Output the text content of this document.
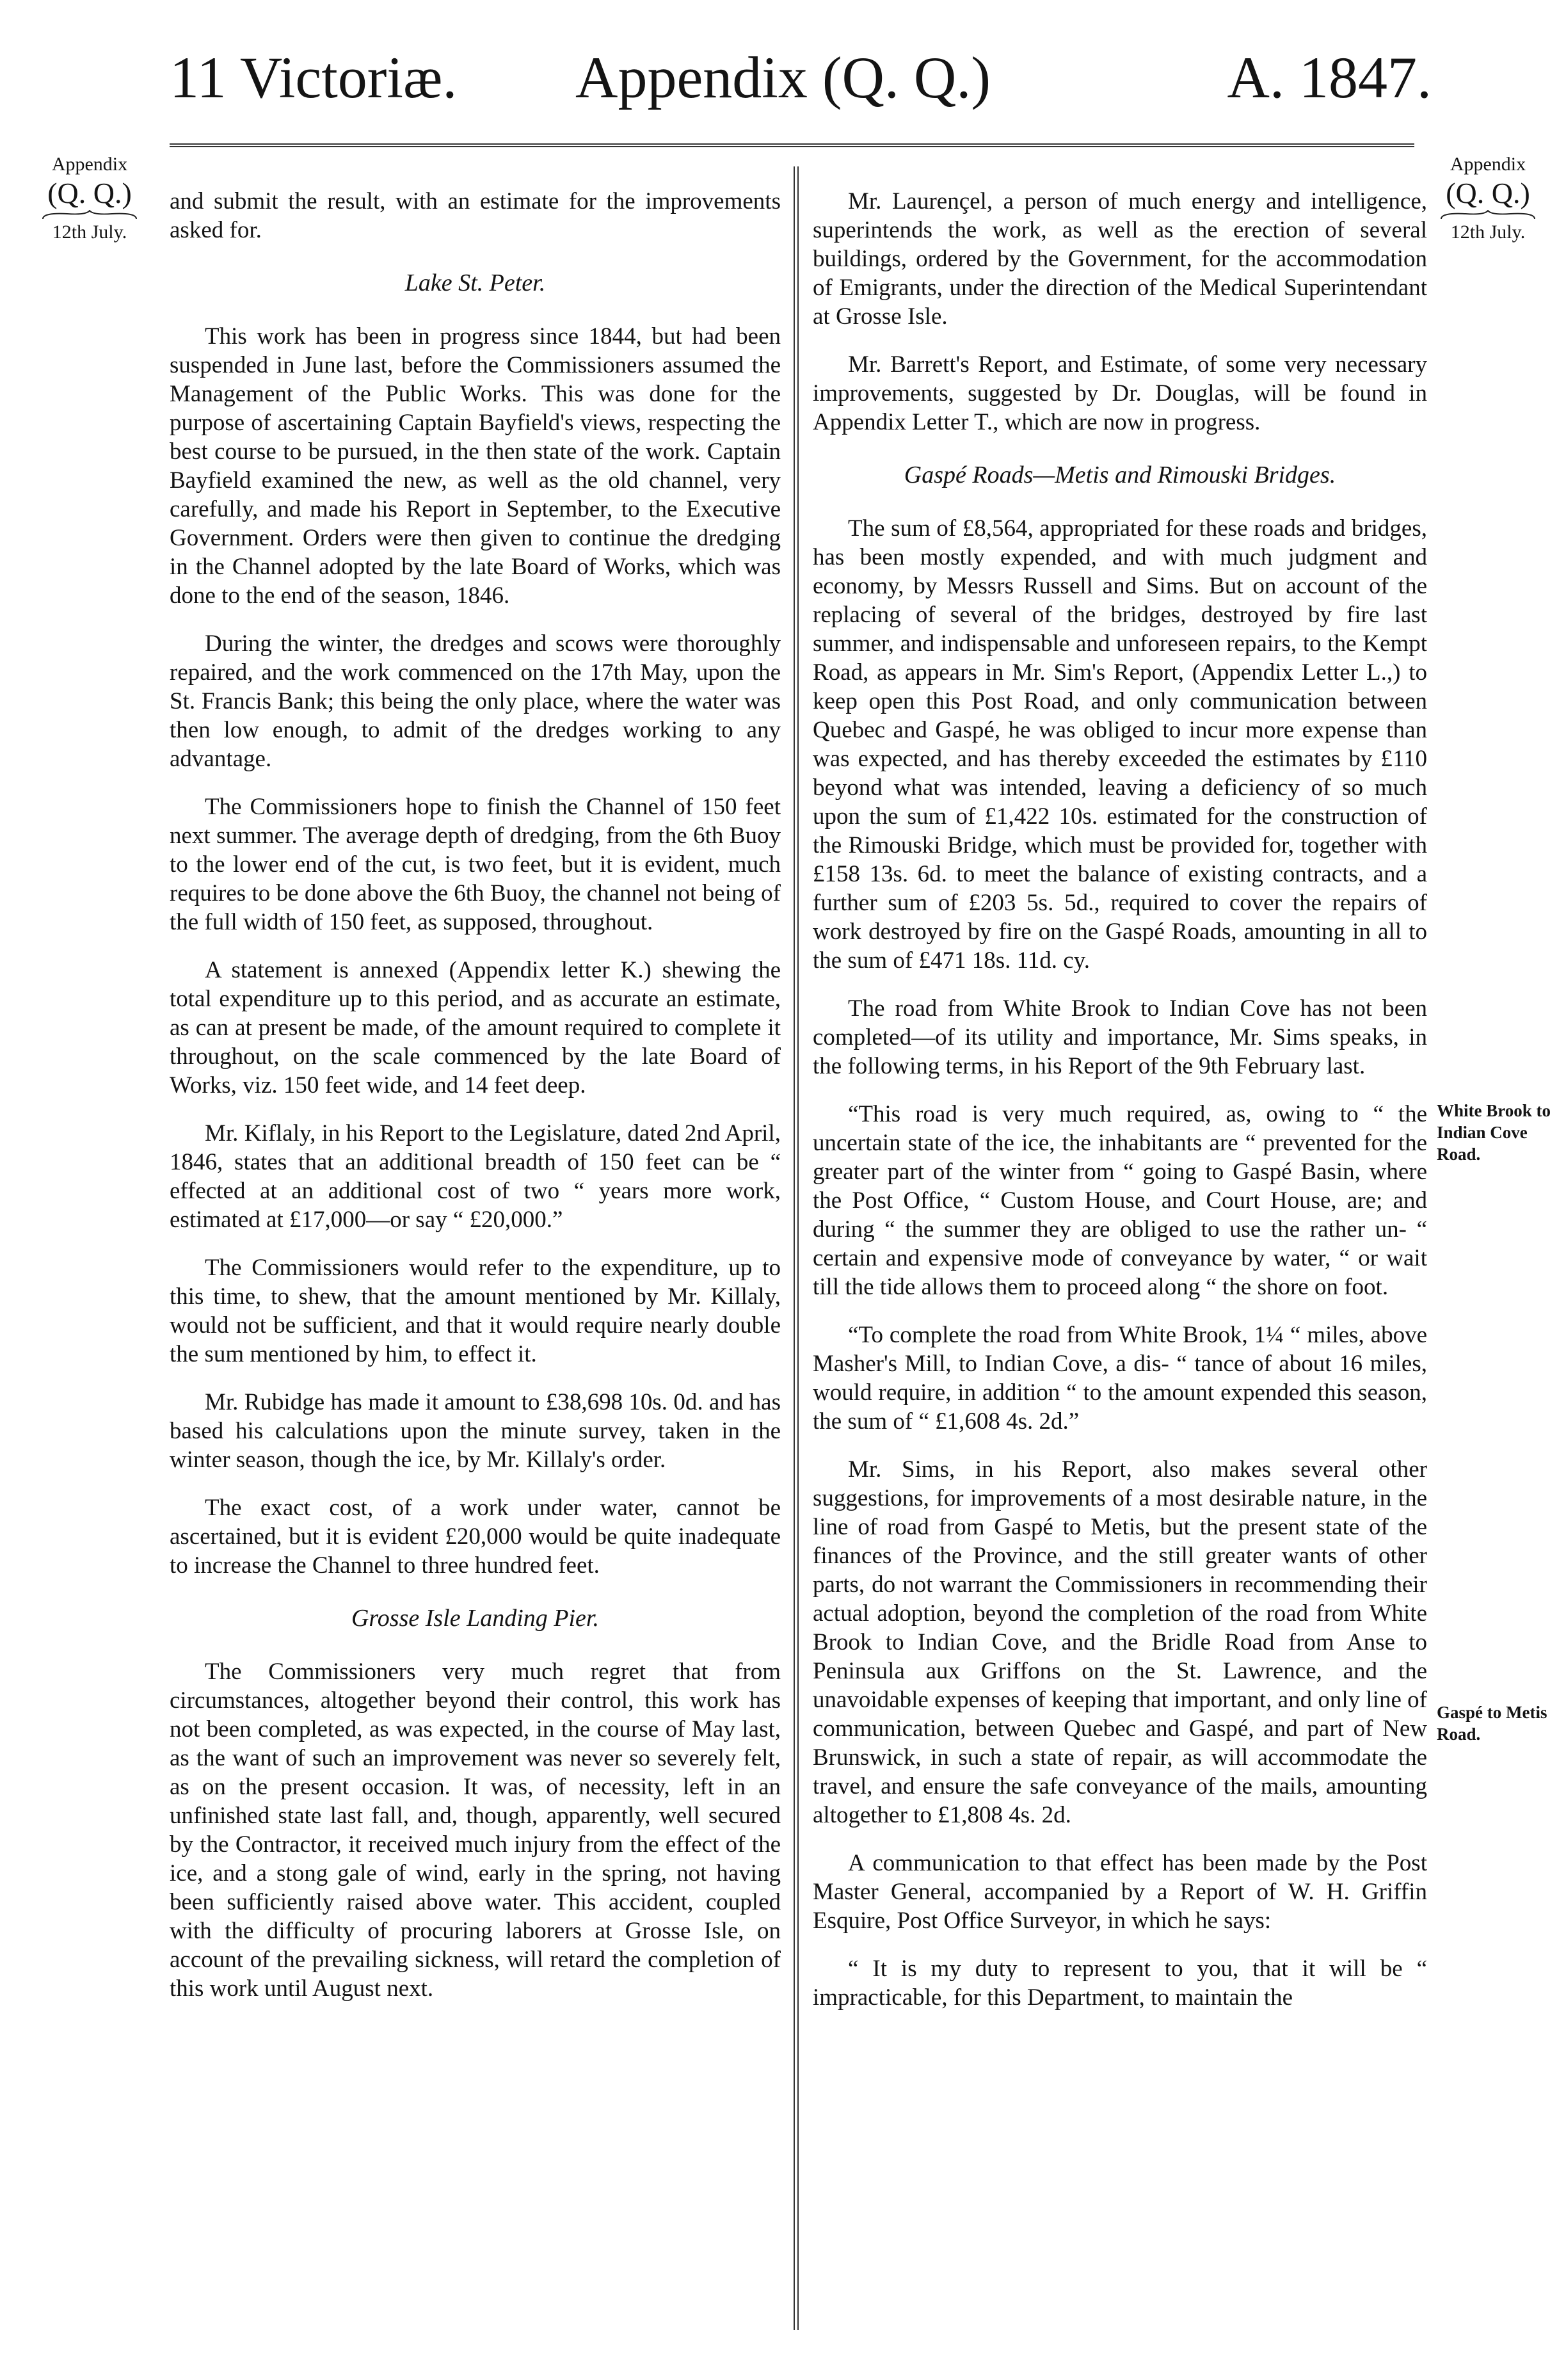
11 Victoriæ.	Appendix (Q. Q.)	A. 1847.
Appendix
(Q. Q.)
12th July.
Appendix
(Q. Q.)
12th July.
White Brook to Indian Cove Road.
Gaspé to Metis Road.

and submit the result, with an estimate for the improvements asked for.

Lake St. Peter.

This work has been in progress since 1844, but had been suspended in June last, before the Commissioners assumed the Management of the Public Works. This was done for the purpose of ascertaining Captain Bayfield's views, respecting the best course to be pursued, in the then state of the work. Captain Bayfield examined the new, as well as the old channel, very carefully, and made his Report in September, to the Executive Government. Orders were then given to continue the dredging in the Channel adopted by the late Board of Works, which was done to the end of the season, 1846.

During the winter, the dredges and scows were thoroughly repaired, and the work commenced on the 17th May, upon the St. Francis Bank; this being the only place, where the water was then low enough, to admit of the dredges working to any advantage.

The Commissioners hope to finish the Channel of 150 feet next summer. The average depth of dredging, from the 6th Buoy to the lower end of the cut, is two feet, but it is evident, much requires to be done above the 6th Buoy, the channel not being of the full width of 150 feet, as supposed, throughout.

A statement is annexed (Appendix letter K.) shewing the total expenditure up to this period, and as accurate an estimate, as can at present be made, of the amount required to complete it throughout, on the scale commenced by the late Board of Works, viz. 150 feet wide, and 14 feet deep.

Mr. Kiflaly, in his Report to the Legislature, dated 2nd April, 1846, states that an additional breadth of 150 feet can be “ effected at an additional cost of two “ years more work, estimated at £17,000—or say “ £20,000.”

The Commissioners would refer to the expenditure, up to this time, to shew, that the amount mentioned by Mr. Killaly, would not be sufficient, and that it would require nearly double the sum mentioned by him, to effect it.

Mr. Rubidge has made it amount to £38,698 10s. 0d. and has based his calculations upon the minute survey, taken in the winter season, though the ice, by Mr. Killaly's order.

The exact cost, of a work under water, cannot be ascertained, but it is evident £20,000 would be quite inadequate to increase the Channel to three hundred feet.

Grosse Isle Landing Pier.

The Commissioners very much regret that from circumstances, altogether beyond their control, this work has not been completed, as was expected, in the course of May last, as the want of such an improvement was never so severely felt, as on the present occasion. It was, of necessity, left in an unfinished state last fall, and, though, apparently, well secured by the Contractor, it received much injury from the effect of the ice, and a stong gale of wind, early in the spring, not having been sufficiently raised above water. This accident, coupled with the difficulty of procuring laborers at Grosse Isle, on account of the prevailing sickness, will retard the completion of this work until August next.

Mr. Laurençel, a person of much energy and intelligence, superintends the work, as well as the erection of several buildings, ordered by the Government, for the accommodation of Emigrants, under the direction of the Medical Superintendant at Grosse Isle.

Mr. Barrett's Report, and Estimate, of some very necessary improvements, suggested by Dr. Douglas, will be found in Appendix Letter T., which are now in progress.

Gaspé Roads—Metis and Rimouski Bridges.

The sum of £8,564, appropriated for these roads and bridges, has been mostly expended, and with much judgment and economy, by Messrs Russell and Sims. But on account of the replacing of several of the bridges, destroyed by fire last summer, and indispensable and unforeseen repairs, to the Kempt Road, as appears in Mr. Sim's Report, (Appendix Letter L.,) to keep open this Post Road, and only communication between Quebec and Gaspé, he was obliged to incur more expense than was expected, and has thereby exceeded the estimates by £110 beyond what was intended, leaving a deficiency of so much upon the sum of £1,422 10s. estimated for the construction of the Rimouski Bridge, which must be provided for, together with £158 13s. 6d. to meet the balance of existing contracts, and a further sum of £203 5s. 5d., required to cover the repairs of work destroyed by fire on the Gaspé Roads, amounting in all to the sum of £471 18s. 11d. cy.

The road from White Brook to Indian Cove has not been completed—of its utility and importance, Mr. Sims speaks, in the following terms, in his Report of the 9th February last.

“This road is very much required, as, owing to “ the uncertain state of the ice, the inhabitants are “ prevented for the greater part of the winter from “ going to Gaspé Basin, where the Post Office, “ Custom House, and Court House, are; and during “ the summer they are obliged to use the rather un- “ certain and expensive mode of conveyance by water, “ or wait till the tide allows them to proceed along “ the shore on foot.

“To complete the road from White Brook, 1¼ “ miles, above Masher's Mill, to Indian Cove, a dis- “ tance of about 16 miles, would require, in addition “ to the amount expended this season, the sum of “ £1,608 4s. 2d.”

Mr. Sims, in his Report, also makes several other suggestions, for improvements of a most desirable nature, in the line of road from Gaspé to Metis, but the present state of the finances of the Province, and the still greater wants of other parts, do not warrant the Commissioners in recommending their actual adoption, beyond the completion of the road from White Brook to Indian Cove, and the Bridle Road from Anse to Peninsula aux Griffons on the St. Lawrence, and the unavoidable expenses of keeping that important, and only line of communication, between Quebec and Gaspé, and part of New Brunswick, in such a state of repair, as will accommodate the travel, and ensure the safe conveyance of the mails, amounting altogether to £1,808 4s. 2d.

A communication to that effect has been made by the Post Master General, accompanied by a Report of W. H. Griffin Esquire, Post Office Surveyor, in which he says:

“ It is my duty to represent to you, that it will be “ impracticable, for this Department, to maintain the
